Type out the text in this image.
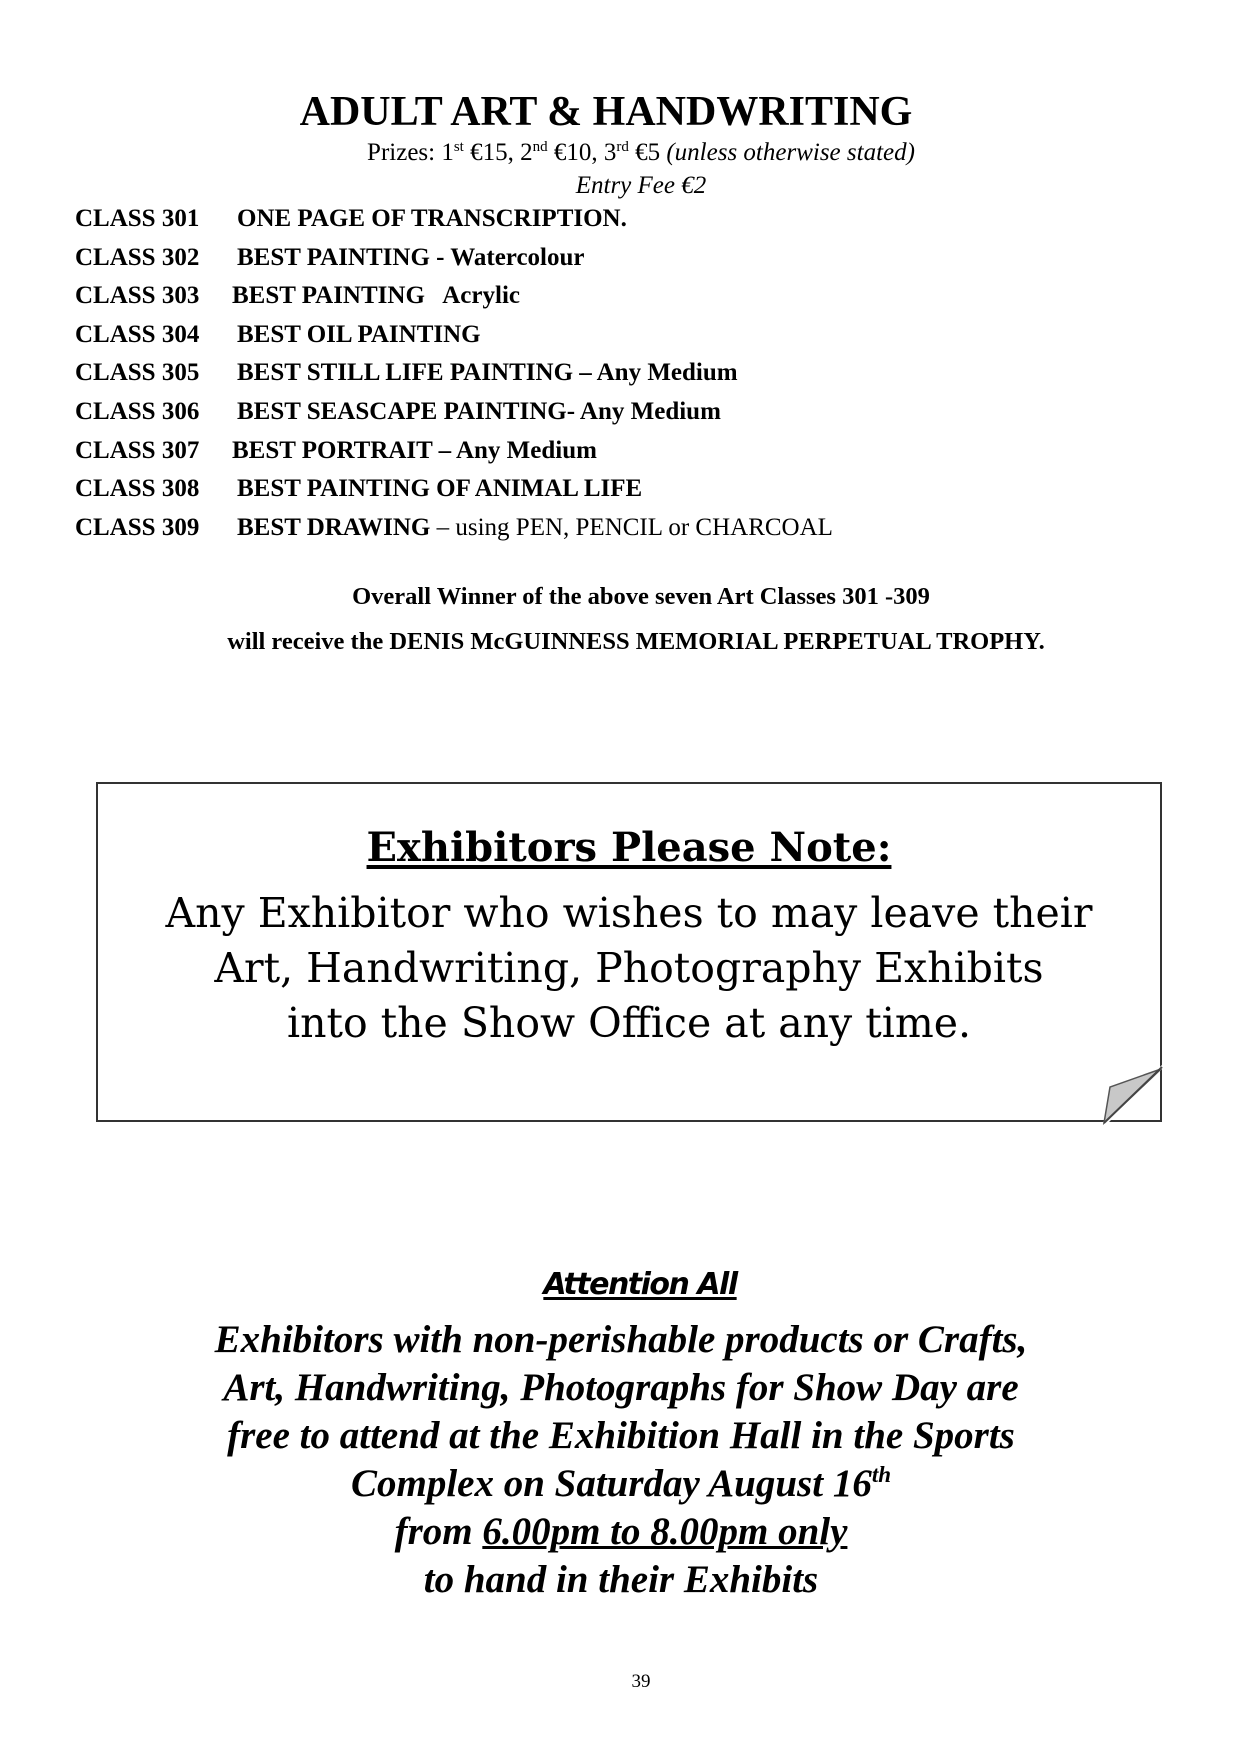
ADULT ART & HANDWRITING
Prizes: 1st €15, 2nd €10, 3rd €5 (unless otherwise stated)
Entry Fee €2
CLASS 301 ONE PAGE OF TRANSCRIPTION.
CLASS 302 BEST PAINTING - Watercolour
CLASS 303 BEST PAINTING   Acrylic
CLASS 304 BEST OIL PAINTING
CLASS 305 BEST STILL LIFE PAINTING – Any Medium
CLASS 306 BEST SEASCAPE PAINTING- Any Medium
CLASS 307 BEST PORTRAIT – Any Medium
CLASS 308 BEST PAINTING OF ANIMAL LIFE
CLASS 309 BEST DRAWING – using PEN, PENCIL or CHARCOAL
Overall Winner of the above seven Art Classes 301 -309
will receive the DENIS McGUINNESS MEMORIAL PERPETUAL TROPHY.
Exhibitors Please Note:
Any Exhibitor who wishes to may leave their
Art, Handwriting, Photography Exhibits
into the Show Office at any time.
Attention All
Exhibitors with non-perishable products or Crafts,
Art, Handwriting, Photographs for Show Day are
free to attend at the Exhibition Hall in the Sports
Complex on Saturday August 16th
from 6.00pm to 8.00pm only
to hand in their Exhibits
39
